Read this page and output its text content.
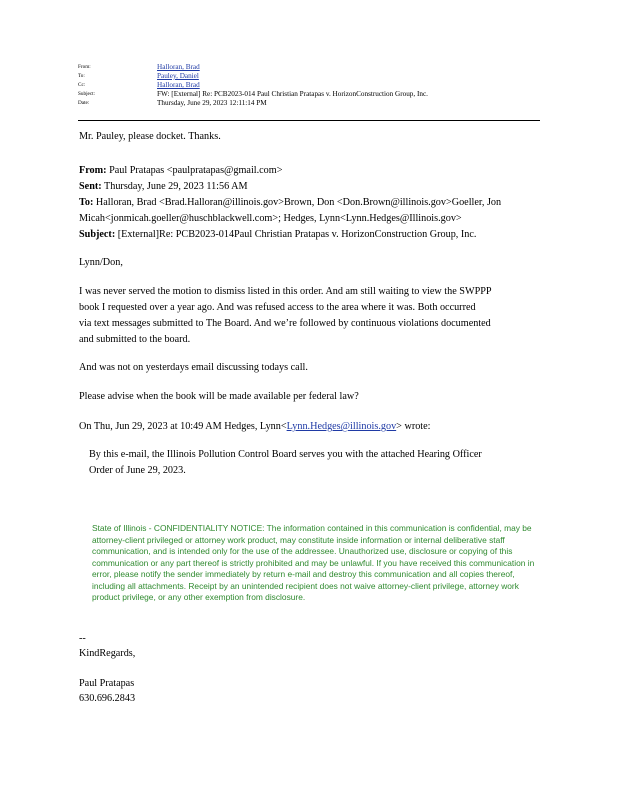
From:	Halloran, Brad
To:	Pauley, Daniel
Cc:	Halloran, Brad
Subject:	FW: [External] Re: PCB2023-014 Paul Christian Pratapas v. HorizonConstruction Group, Inc.
Date:	Thursday, June 29, 2023 12:11:14 PM
Mr. Pauley, please docket. Thanks.
From: Paul Pratapas <paulpratapas@gmail.com>
Sent: Thursday, June 29, 2023 11:56 AM
To: Halloran, Brad <Brad.Halloran@illinois.gov>Brown, Don <Don.Brown@illinois.gov>Goeller, Jon
Micah<jonmicah.goeller@huschblackwell.com>; Hedges, Lynn<Lynn.Hedges@Illinois.gov>
Subject: [External]Re: PCB2023-014Paul Christian Pratapas v. HorizonConstruction Group, Inc.
Lynn/Don,
I was never served the motion to dismiss listed in this order. And am still waiting to view the SWPPP
book I requested over a year ago. And was refused access to the area where it was. Both occurred
via text messages submitted to The Board. And we’re followed by continuous violations documented
and submitted to the board.
And was not on yesterdays email discussing todays call.
Please advise when the book will be made available per federal law?
On Thu, Jun 29, 2023 at 10:49 AM Hedges, Lynn<Lynn.Hedges@illinois.gov> wrote:
By this e-mail, the Illinois Pollution Control Board serves you with the attached Hearing Officer
Order of June 29, 2023.
State of Illinois - CONFIDENTIALITY NOTICE: The information contained in this communication is confidential, may be attorney-client privileged or attorney work product, may constitute inside information or internal deliberative staff communication, and is intended only for the use of the addressee. Unauthorized use, disclosure or copying of this communication or any part thereof is strictly prohibited and may be unlawful. If you have received this communication in error, please notify the sender immediately by return e-mail and destroy this communication and all copies thereof, including all attachments. Receipt by an unintended recipient does not waive attorney-client privilege, attorney work product privilege, or any other exemption from disclosure.
--
KindRegards,
Paul Pratapas
630.696.2843
